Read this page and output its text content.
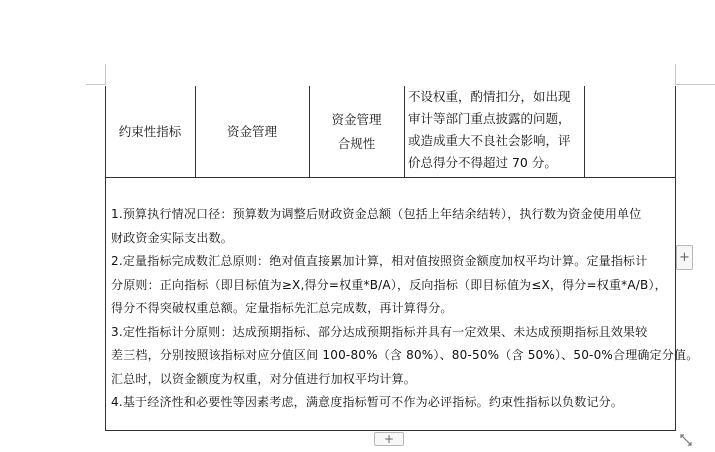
约束性指标	资金管理
资金管理
合规性
不设权重，酌情扣分，如出现
审计等部门重点披露的问题，
或造成重大不良社会影响，评
价总得分不得超过 70 分。
1.预算执行情况口径：预算数为调整后财政资金总额（包括上年结余结转），执行数为资金使用单位
财政资金实际支出数。
2.定量指标完成数汇总原则：绝对值直接累加计算，相对值按照资金额度加权平均计算。定量指标计
分原则：正向指标（即目标值为≥X,得分=权重*B/A），反向指标（即目标值为≤X，得分=权重*A/B），
得分不得突破权重总额。定量指标先汇总完成数，再计算得分。
3.定性指标计分原则：达成预期指标、部分达成预期指标并具有一定效果、未达成预期指标且效果较
差三档，分别按照该指标对应分值区间 100-80%（含 80%）、80-50%（含 50%）、50-0%合理确定分值。
汇总时，以资金额度为权重，对分值进行加权平均计算。
4.基于经济性和必要性等因素考虑，满意度指标暂可不作为必评指标。约束性指标以负数记分。
+
+
